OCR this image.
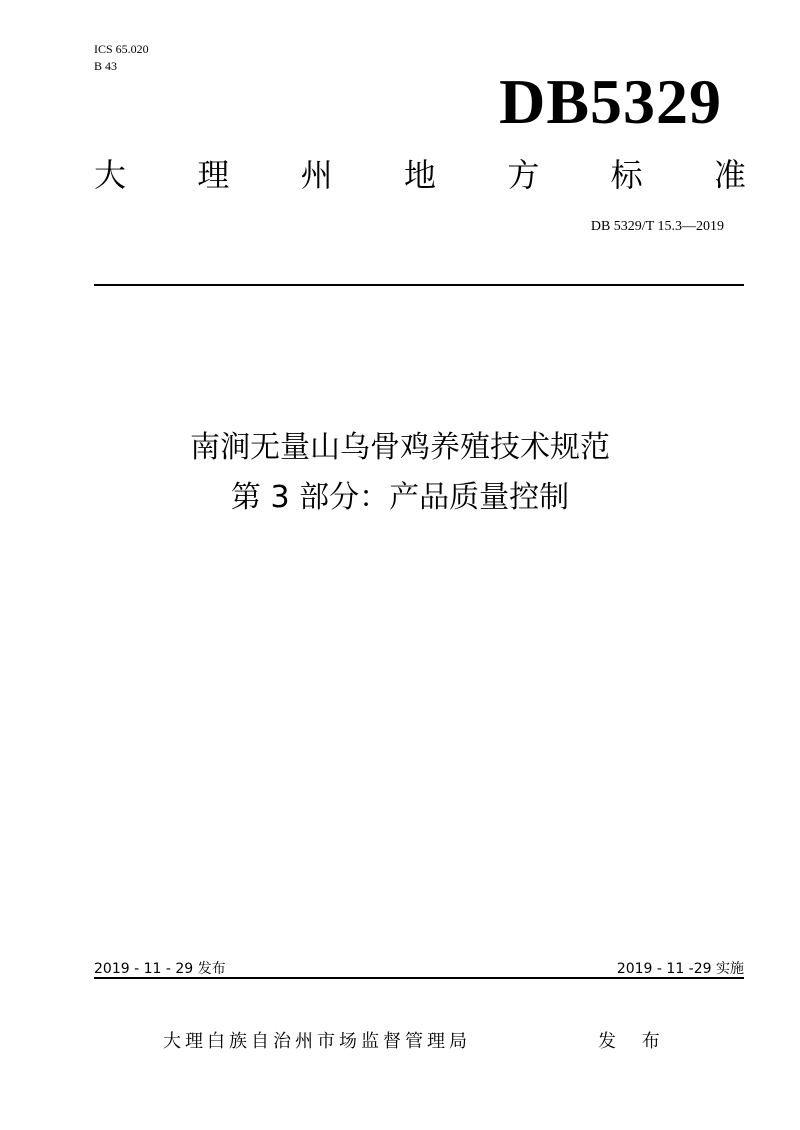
ICS 65.020
B 43	DB5329
大 理 州 地 方 标 准
DB 5329/T 15.3—2019
南涧无量山乌骨鸡养殖技术规范
第 3 部分：产品质量控制
2019 - 11 - 29 发布	2019 - 11 -29 实施
大理白族自治州市场监督管理局	发 布
